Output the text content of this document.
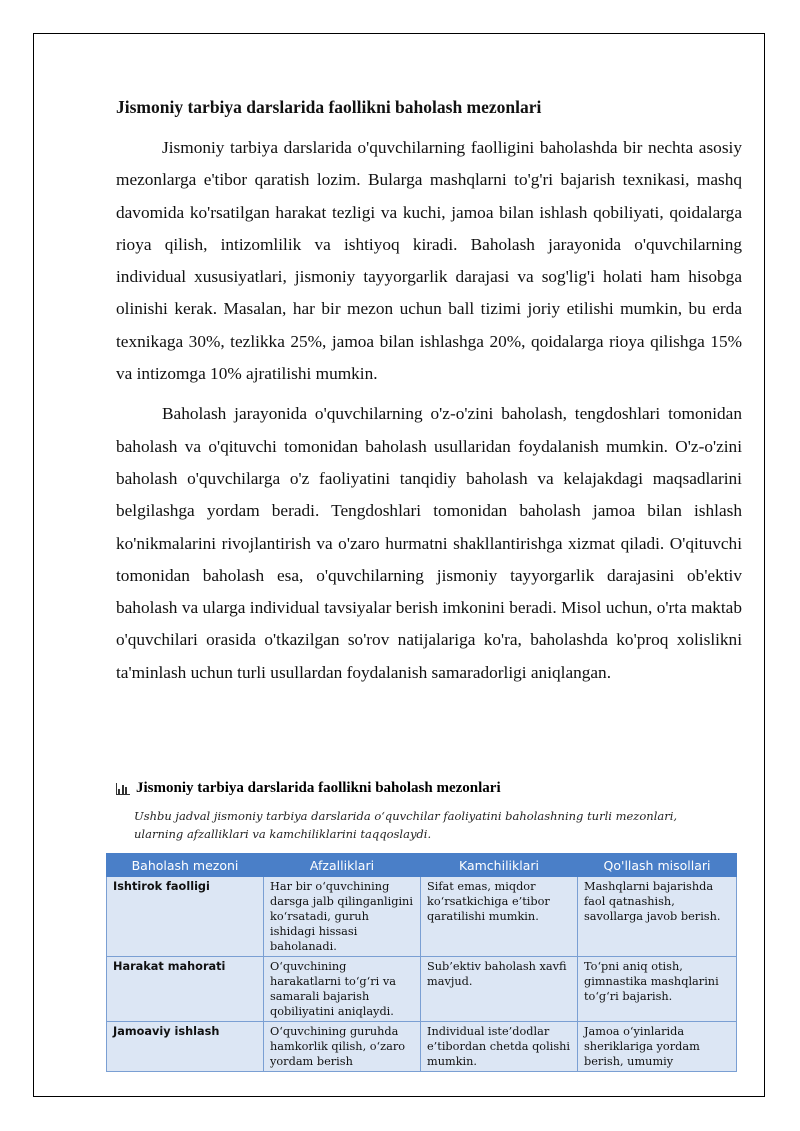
Jismoniy tarbiya darslarida faollikni baholash mezonlari

Jismoniy tarbiya darslarida o'quvchilarning faolligini baholashda bir nechta asosiy mezonlarga e'tibor qaratish lozim. Bularga mashqlarni to'g'ri bajarish texnikasi, mashq davomida ko'rsatilgan harakat tezligi va kuchi, jamoa bilan ishlash qobiliyati, qoidalarga rioya qilish, intizomlilik va ishtiyoq kiradi. Baholash jarayonida o'quvchilarning individual xususiyatlari, jismoniy tayyorgarlik darajasi va sog'lig'i holati ham hisobga olinishi kerak. Masalan, har bir mezon uchun ball tizimi joriy etilishi mumkin, bu erda texnikaga 30%, tezlikka 25%, jamoa bilan ishlashga 20%, qoidalarga rioya qilishga 15% va intizomga 10% ajratilishi mumkin.

Baholash jarayonida o'quvchilarning o'z-o'zini baholash, tengdoshlari tomonidan baholash va o'qituvchi tomonidan baholash usullaridan foydalanish mumkin. O'z-o'zini baholash o'quvchilarga o'z faoliyatini tanqidiy baholash va kelajakdagi maqsadlarini belgilashga yordam beradi. Tengdoshlari tomonidan baholash jamoa bilan ishlash ko'nikmalarini rivojlantirish va o'zaro hurmatni shakllantirishga xizmat qiladi. O'qituvchi tomonidan baholash esa, o'quvchilarning jismoniy tayyorgarlik darajasini ob'ektiv baholash va ularga individual tavsiyalar berish imkonini beradi. Misol uchun, o'rta maktab o'quvchilari orasida o'tkazilgan so'rov natijalariga ko'ra, baholashda ko'proq xolislikni ta'minlash uchun turli usullardan foydalanish samaradorligi aniqlangan.

Jismoniy tarbiya darslarida faollikni baholash mezonlari
Ushbu jadval jismoniy tarbiya darslarida o‘quvchilar faoliyatini baholashning turli mezonlari, ularning afzalliklari va kamchiliklarini taqqoslaydi.
Baholash mezoni	Afzalliklari	Kamchiliklari	Qo'llash misollari
Ishtirok faolligi	Har bir o‘quvchining darsga jalb qilinganligini ko‘rsatadi, guruh ishidagi hissasi baholanadi.	Sifat emas, miqdor ko‘rsatkichiga e’tibor qaratilishi mumkin.	Mashqlarni bajarishda faol qatnashish, savollarga javob berish.
Harakat mahorati	O‘quvchining harakatlarni to‘g‘ri va samarali bajarish qobiliyatini aniqlaydi.	Sub’ektiv baholash xavfi mavjud.	To‘pni aniq otish, gimnastika mashqlarini to‘g‘ri bajarish.
Jamoaviy ishlash	O‘quvchining guruhda hamkorlik qilish, o‘zaro yordam berish	Individual iste’dodlar e’tibordan chetda qolishi mumkin.	Jamoa o‘yinlarida sheriklariga yordam berish, umumiy
